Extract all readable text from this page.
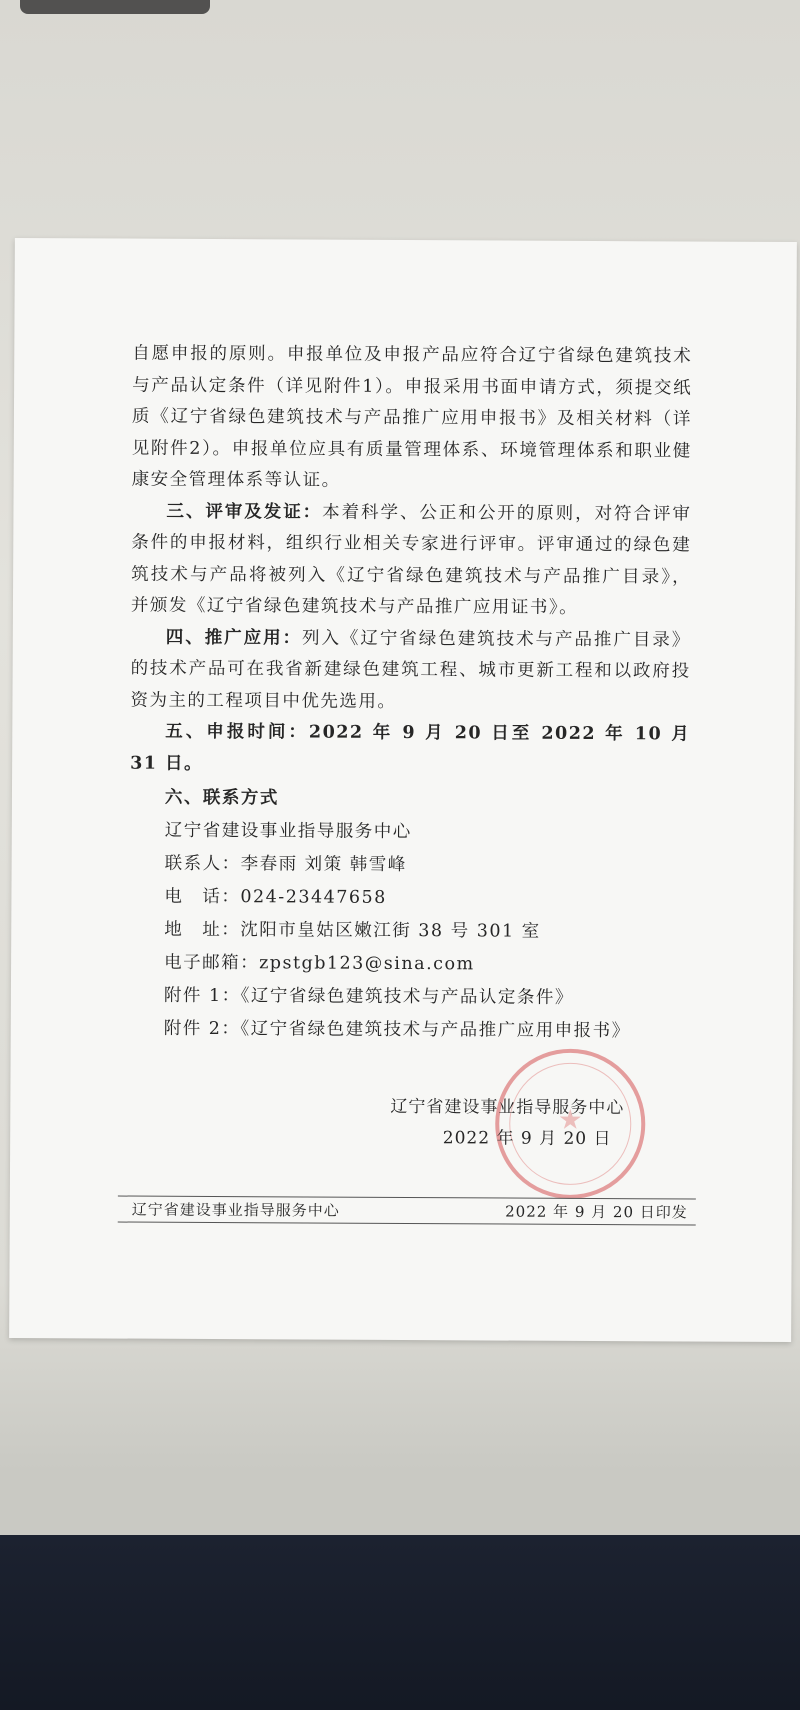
自愿申报的原则。申报单位及申报产品应符合辽宁省绿色建筑技术与产品认定条件（详见附件1）。申报采用书面申请方式，须提交纸质《辽宁省绿色建筑技术与产品推广应用申报书》及相关材料（详见附件2）。申报单位应具有质量管理体系、环境管理体系和职业健康安全管理体系等认证。

三、评审及发证：本着科学、公正和公开的原则，对符合评审条件的申报材料，组织行业相关专家进行评审。评审通过的绿色建筑技术与产品将被列入《辽宁省绿色建筑技术与产品推广目录》，并颁发《辽宁省绿色建筑技术与产品推广应用证书》。

四、推广应用：列入《辽宁省绿色建筑技术与产品推广目录》的技术产品可在我省新建绿色建筑工程、城市更新工程和以政府投资为主的工程项目中优先选用。

五、申报时间：2022 年 9 月 20 日至 2022 年 10 月 31 日。

六、联系方式

辽宁省建设事业指导服务中心

联系人：李春雨 刘策 韩雪峰

电　话：024-23447658

地　址：沈阳市皇姑区嫩江街 38 号 301 室

电子邮箱：zpstgb123@sina.com

附件 1：《辽宁省绿色建筑技术与产品认定条件》

附件 2：《辽宁省绿色建筑技术与产品推广应用申报书》

辽宁省建设事业指导服务中心
2022 年 9 月 20 日
辽宁省建设事业指导服务中心	2022 年 9 月 20 日印发
